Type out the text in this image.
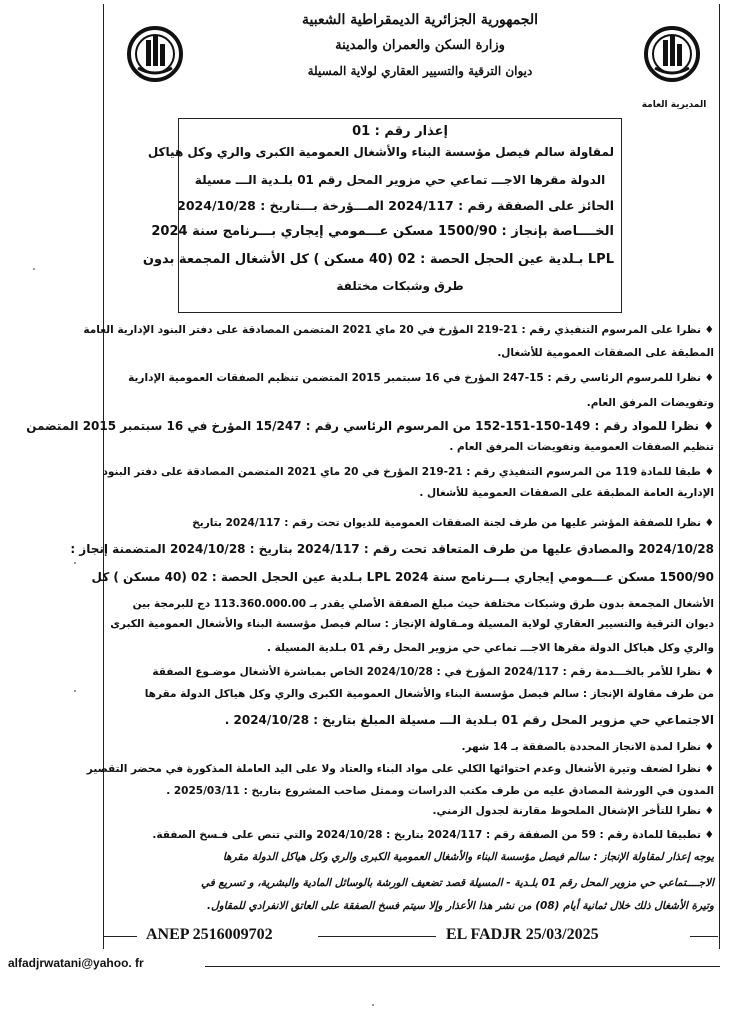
المديرية العامة
الجمهورية الجزائرية الديمقراطية الشعبية
وزارة السكن والعمران والمدينة
ديوان الترقية والتسيير العقاري لولاية المسيلة
إعذار رقم : 01
لمقاولة سالم فيصل مؤسسة البناء والأشغال العمومية الكبرى والري وكل هياكل
الدولة مقرها الاجـــ تماعي حي مزوير المحل رقم 01 بلـدية الـــ مسيلة
الحائز على الصفقة رقم : 2024/117 المـــؤرخة بـــتاريخ : 2024/10/28
الخــــاصة بإنجاز : 1500/90 مسكن عـــمومي إيجاري بـــرنامج سنة 2024
LPL بـلدية عين الحجل الحصة : 02 (40 مسكن ) كل الأشغال المجمعة بدون
طرق وشبكات مختلفة
♦ نظرا على المرسوم التنفيذي رقم : 21-219 المؤرخ في 20 ماي 2021 المتضمن المصادقة على دفتر البنود الإدارية العامة
المطبقة على الصفقات العمومية للأشغال.
♦ نظرا للمرسوم الرئاسي رقم : 15-247 المؤرخ في 16 سبتمبر 2015 المتضمن تنظيم الصفقات العمومية الإدارية
وتفويضات المرفق العام.
♦ نظرا للمواد رقم : 149-150-151-152 من المرسوم الرئاسي رقم : 15/247 المؤرخ في 16 سبتمبر 2015 المتضمن
تنظيم الصفقات العمومية وتفويضات المرفق العام .
♦ طبقا للمادة 119 من المرسوم التنفيذي رقم : 21-219 المؤرخ في 20 ماي 2021 المتضمن المصادقة على دفتر البنود
الإدارية العامة المطبقة على الصفقات العمومية للأشغال .
♦ نظرا للصفقة المؤشر عليها من طرف لجنة الصفقات العمومية للديوان تحت رقم : 2024/117 بتاريخ
2024/10/28 والمصادق عليها من طرف المتعاقد تحت رقم : 2024/117 بتاريخ : 2024/10/28 المتضمنة إنجاز :
1500/90 مسكن عـــمومي إيجاري بـــرنامج سنة 2024 LPL بـلدية عين الحجل الحصة : 02 (40 مسكن ) كل
الأشغال المجمعة بدون طرق وشبكات مختلفة حيث مبلغ الصفقة الأصلي يقدر بـ 113.360.000.00 دج للبرمجة بين
ديوان الترقية والتسيير العقاري لولاية المسيلة ومـقاولة الإنجاز : سالم فيصل مؤسسة البناء والأشغال العمومية الكبرى
والري وكل هياكل الدولة مقرها الاجـــ تماعي حي مزوير المحل رقم 01 بـلدية المسيلة .
♦ نظرا للأمر بالخـــدمة رقم : 2024/117 المؤرخ في : 2024/10/28 الخاص بمباشرة الأشغال موضـوع الصفقة
من طرف مقاولة الإنجاز : سالم فيصل مؤسسة البناء والأشغال العمومية الكبرى والري وكل هياكل الدولة مقرها
الاجتماعي حي مزوير المحل رقم 01 بـلدية الـــ مسيلة المبلغ بتاريخ : 2024/10/28 .
♦ نظرا لمدة الانجاز المحددة بالصفقة بـ 14 شهر.
♦ نظرا لضعف وتيرة الأشغال وعدم احتوائها الكلي على مواد البناء والعتاد ولا على اليد العاملة المذكورة في محضر التقصير
المدون في الورشة المصادق عليه من طرف مكتب الدراسات وممثل صاحب المشروع بتاريخ : 2025/03/11 .
♦ نظرا للتأخر الإشغال الملحوظ مقارنة لجدول الزمني.
♦ تطبيقا للمادة رقم : 59 من الصفقة رقم : 2024/117 بتاريخ : 2024/10/28 والتي تنص على فـسخ الصفقة.
يوجه إعذار لمقاولة الإنجاز : سالم فيصل مؤسسة البناء والأشغال العمومية الكبرى والري وكل هياكل الدولة مقرها
الاجــــتماعي حي مزوير المحل رقم 01 بلـدية - المسيلة قصد تضعيف الورشة بالوسائل المادية والبشرية، و تسريع في
وتيرة الأشغال ذلك خلال ثمانية أيام (08) من نشر هذا الأعذار وإلا سيتم فسخ الصفقة على العاتق الانفرادي للمقاول.
ANEP 2516009702	EL FADJR 25/03/2025
alfadjrwatani@yahoo. fr
